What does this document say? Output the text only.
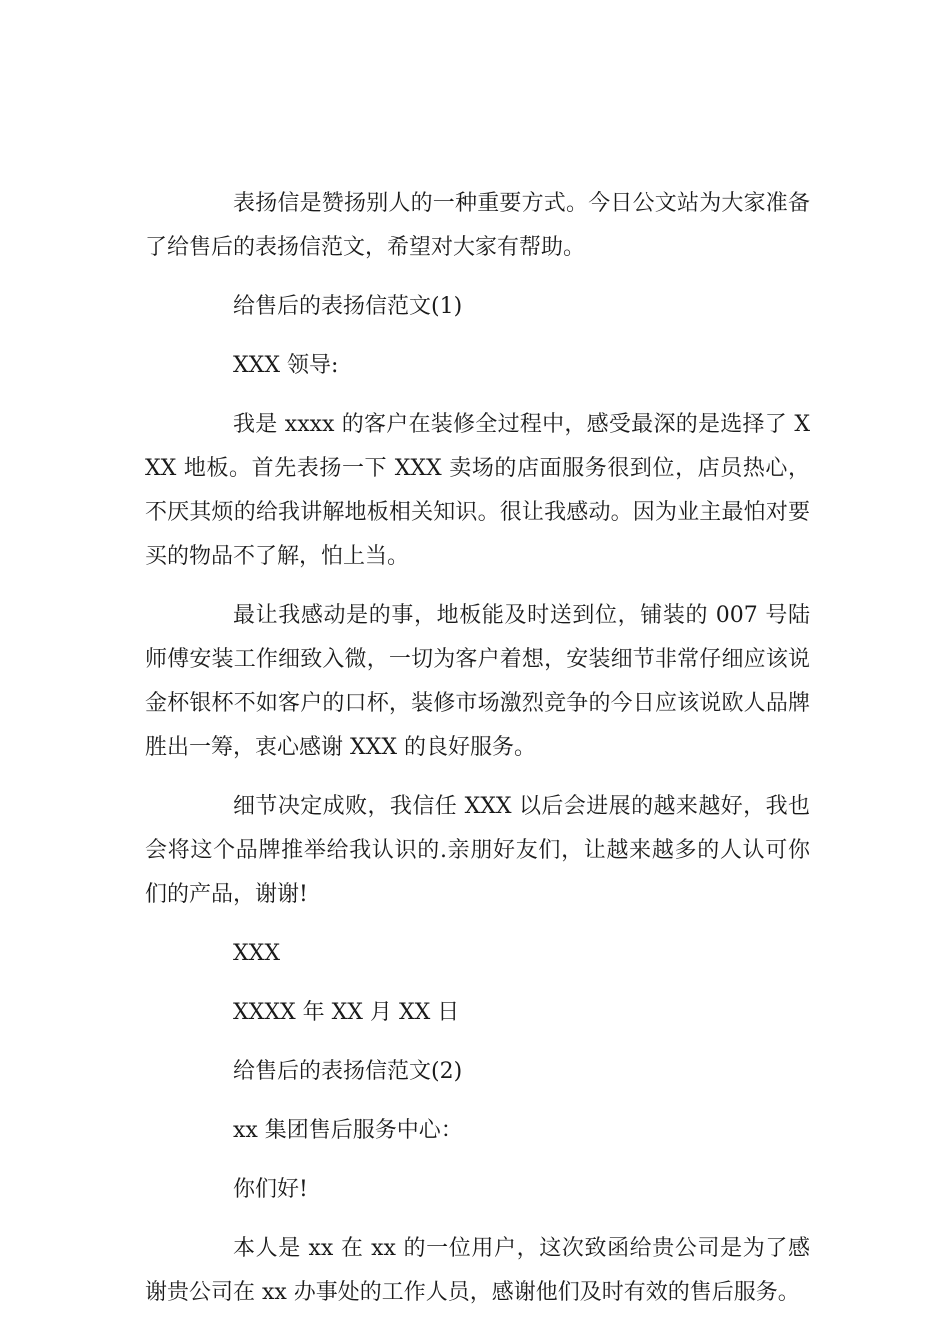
表扬信是赞扬别人的一种重要方式。今日公文站为大家准备了给售后的表扬信范文，希望对大家有帮助。

给售后的表扬信范文(1)

XXX 领导:

我是 xxxx 的客户在装修全过程中，感受最深的是选择了 XXX 地板。首先表扬一下 XXX 卖场的店面服务很到位，店员热心，不厌其烦的给我讲解地板相关知识。很让我感动。因为业主最怕对要买的物品不了解，怕上当。

最让我感动是的事，地板能及时送到位，铺装的 007 号陆师傅安装工作细致入微，一切为客户着想，安装细节非常仔细应该说金杯银杯不如客户的口杯，装修市场激烈竞争的今日应该说欧人品牌胜出一筹，衷心感谢 XXX 的良好服务。

细节决定成败，我信任 XXX 以后会进展的越来越好，我也会将这个品牌推举给我认识的.亲朋好友们，让越来越多的人认可你们的产品，谢谢!

XXX

XXXX 年 XX 月 XX 日

给售后的表扬信范文(2)

xx 集团售后服务中心：

你们好!

本人是 xx 在 xx 的一位用户，这次致函给贵公司是为了感谢贵公司在 xx 办事处的工作人员，感谢他们及时有效的售后服务。
